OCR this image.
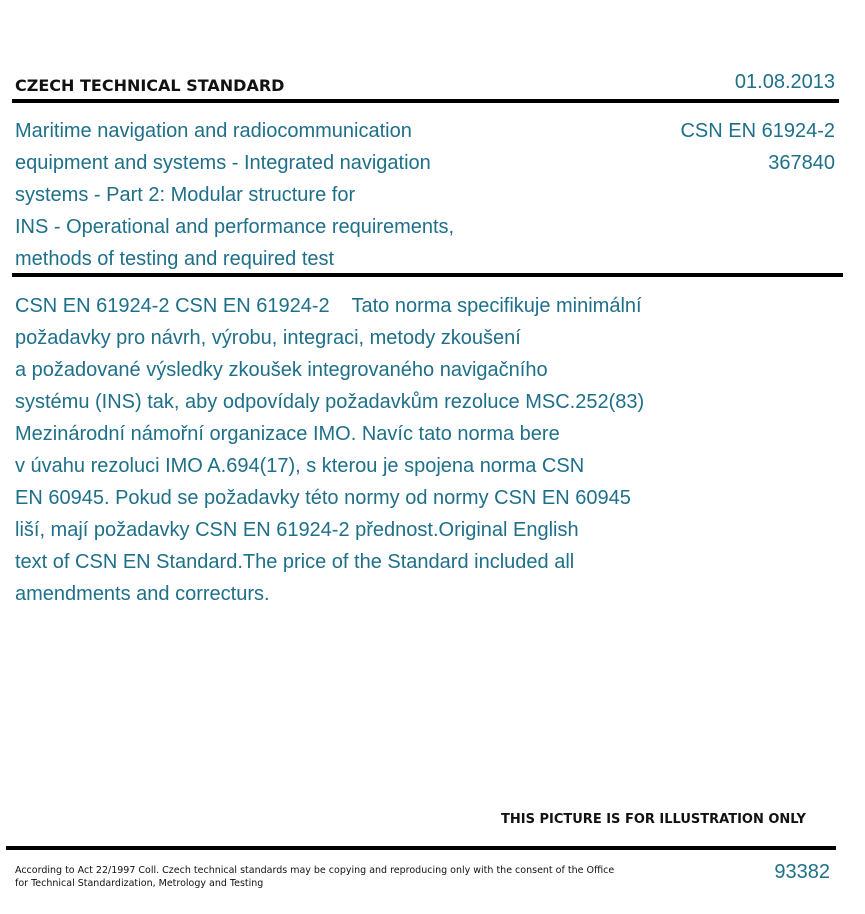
CZECH TECHNICAL STANDARD	01.08.2013
Maritime navigation and radiocommunication
equipment and systems - Integrated navigation
systems - Part 2: Modular structure for
INS - Operational and performance requirements,
methods of testing and required test
CSN EN 61924-2
367840
CSN EN 61924-2 CSN EN 61924-2    Tato norma specifikuje minimální
požadavky pro návrh, výrobu, integraci, metody zkoušení
a požadované výsledky zkoušek integrovaného navigačního
systému (INS) tak, aby odpovídaly požadavkům rezoluce MSC.252(83)
Mezinárodní námořní organizace IMO. Navíc tato norma bere
v úvahu rezoluci IMO A.694(17), s kterou je spojena norma CSN
EN 60945. Pokud se požadavky této normy od normy CSN EN 60945
liší, mají požadavky CSN EN 61924-2 přednost.Original English
text of CSN EN Standard.The price of the Standard included all
amendments and correcturs.
THIS PICTURE IS FOR ILLUSTRATION ONLY
According to Act 22/1997 Coll. Czech technical standards may be copying and reproducing only with the consent of the Office
for Technical Standardization, Metrology and Testing
93382
